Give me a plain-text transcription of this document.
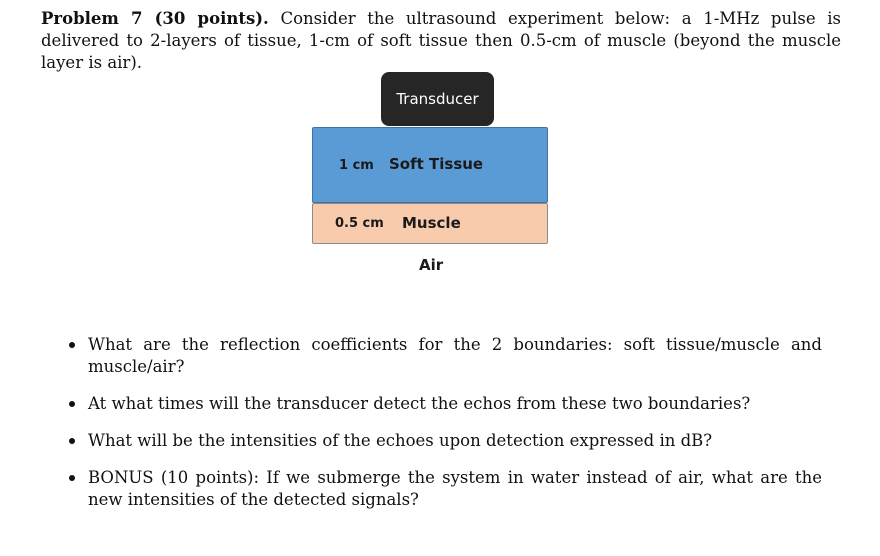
Problem 7 (30 points). Consider the ultrasound experiment below: a 1-MHz pulse is delivered to 2-layers of tissue, 1-cm of soft tissue then 0.5-cm of muscle (beyond the muscle layer is air).
Transducer
1 cm Soft Tissue
0.5 cm Muscle
Air
What are the reflection coefficients for the 2 boundaries: soft tissue/muscle and muscle/air?
At what times will the transducer detect the echos from these two boundaries?
What will be the intensities of the echoes upon detection expressed in dB?
BONUS (10 points): If we submerge the system in water instead of air, what are the new intensities of the detected signals?
